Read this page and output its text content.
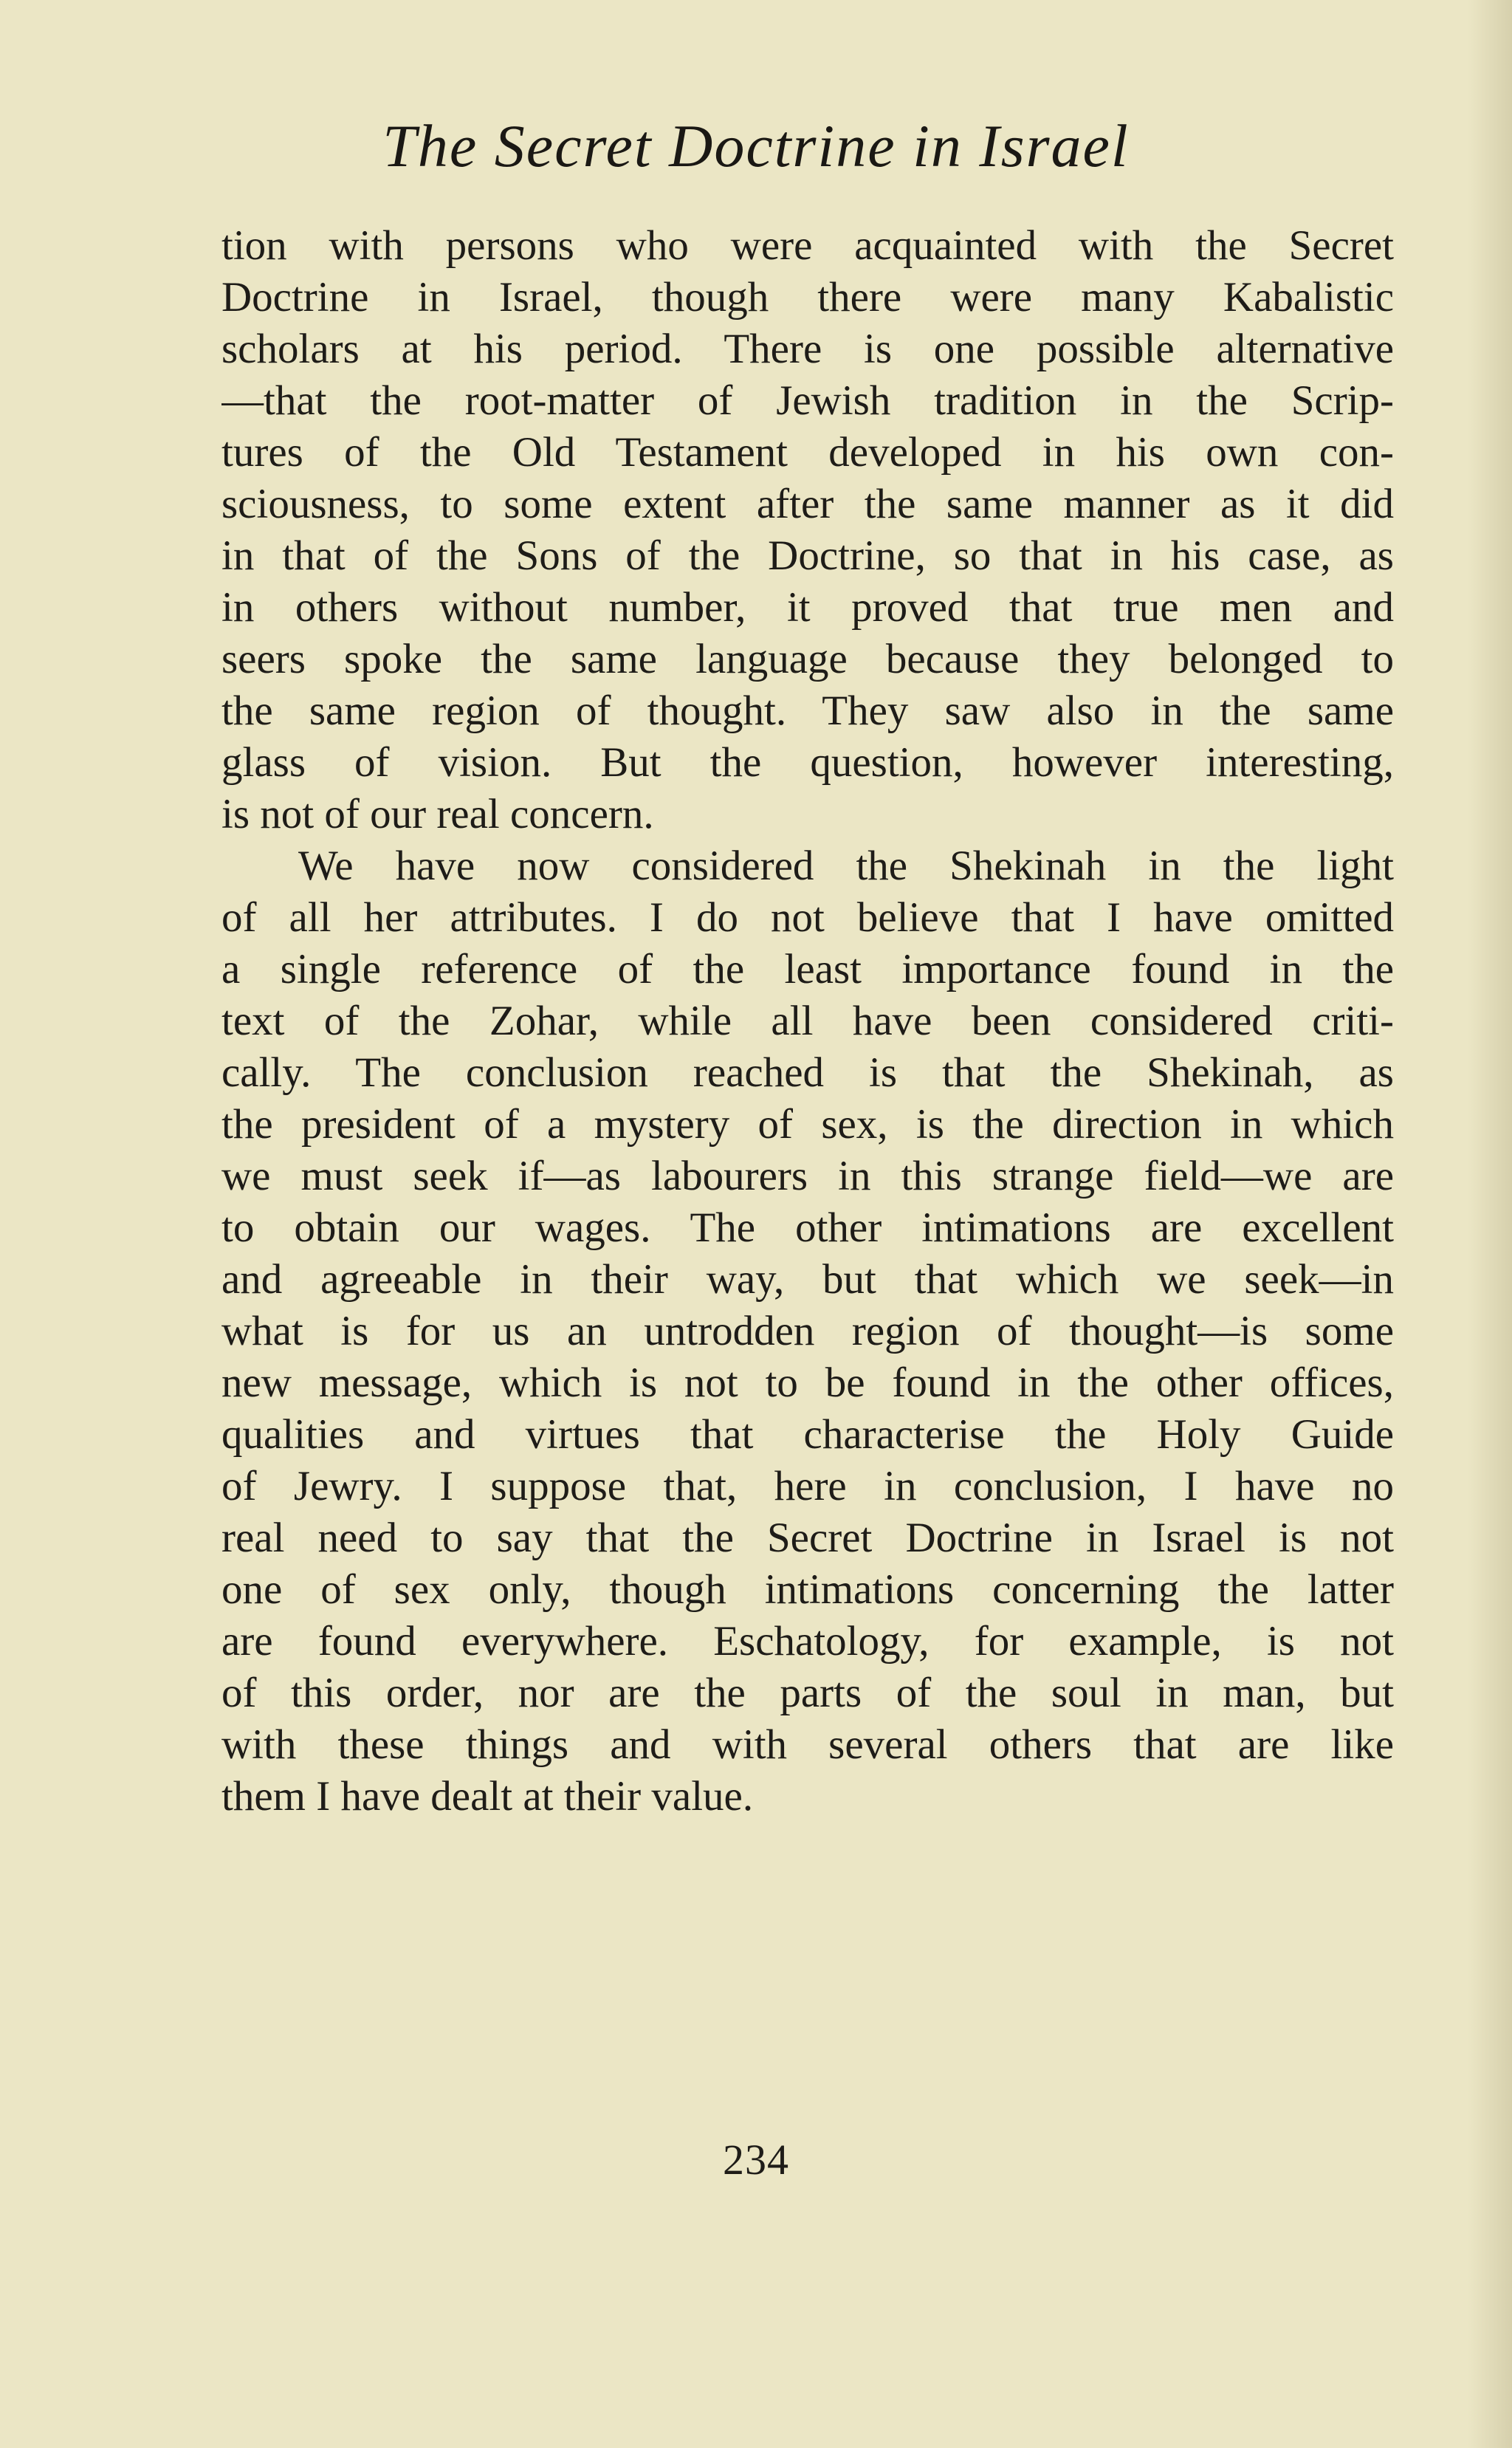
The Secret Doctrine in Israel
tion with persons who were acquainted with the Secret
Doctrine in Israel, though there were many Kabalistic
scholars at his period. There is one possible alternative
—that the root-matter of Jewish tradition in the Scrip-
tures of the Old Testament developed in his own con-
sciousness, to some extent after the same manner as it did
in that of the Sons of the Doctrine, so that in his case, as
in others without number, it proved that true men and
seers spoke the same language because they belonged to
the same region of thought. They saw also in the same
glass of vision. But the question, however interesting,
is not of our real concern.
We have now considered the Shekinah in the light
of all her attributes. I do not believe that I have omitted
a single reference of the least importance found in the
text of the Zohar, while all have been considered criti-
cally. The conclusion reached is that the Shekinah, as
the president of a mystery of sex, is the direction in which
we must seek if—as labourers in this strange field—we are
to obtain our wages. The other intimations are excellent
and agreeable in their way, but that which we seek—in
what is for us an untrodden region of thought—is some
new message, which is not to be found in the other offices,
qualities and virtues that characterise the Holy Guide
of Jewry. I suppose that, here in conclusion, I have no
real need to say that the Secret Doctrine in Israel is not
one of sex only, though intimations concerning the latter
are found everywhere. Eschatology, for example, is not
of this order, nor are the parts of the soul in man, but
with these things and with several others that are like
them I have dealt at their value.
234
